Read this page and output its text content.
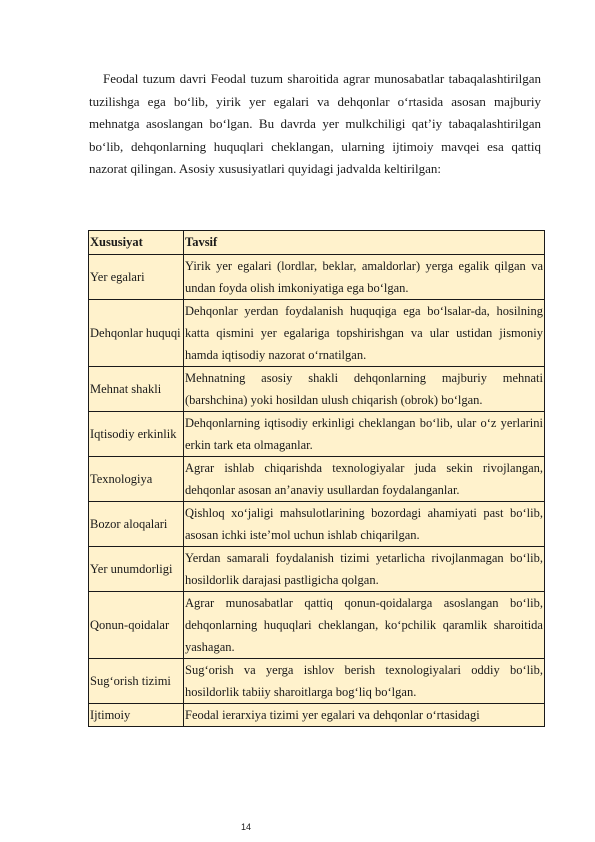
Feodal tuzum davri Feodal tuzum sharoitida agrar munosabatlar tabaqalashtirilgan tuzilishga ega bo‘lib, yirik yer egalari va dehqonlar o‘rtasida asosan majburiy mehnatga asoslangan bo‘lgan. Bu davrda yer mulkchiligi qat’iy tabaqalashtirilgan bo‘lib, dehqonlarning huquqlari cheklangan, ularning ijtimoiy mavqei esa qattiq nazorat qilingan. Asosiy xususiyatlari quyidagi jadvalda keltirilgan:

Xususiyat	Tavsif
Yer egalari	Yirik yer egalari (lordlar, beklar, amaldorlar) yerga egalik qilgan va undan foyda olish imkoniyatiga ega bo‘lgan.
Dehqonlar huquqi	Dehqonlar yerdan foydalanish huquqiga ega bo‘lsalar-da, hosilning katta qismini yer egalariga topshirishgan va ular ustidan jismoniy hamda iqtisodiy nazorat o‘rnatilgan.
Mehnat shakli	Mehnatning asosiy shakli dehqonlarning majburiy mehnati (barshchina) yoki hosildan ulush chiqarish (obrok) bo‘lgan.
Iqtisodiy erkinlik	Dehqonlarning iqtisodiy erkinligi cheklangan bo‘lib, ular o‘z yerlarini erkin tark eta olmaganlar.
Texnologiya	Agrar ishlab chiqarishda texnologiyalar juda sekin rivojlangan, dehqonlar asosan an’anaviy usullardan foydalanganlar.
Bozor aloqalari	Qishloq xo‘jaligi mahsulotlarining bozordagi ahamiyati past bo‘lib, asosan ichki iste’mol uchun ishlab chiqarilgan.
Yer unumdorligi	Yerdan samarali foydalanish tizimi yetarlicha rivojlanmagan bo‘lib, hosildorlik darajasi pastligicha qolgan.
Qonun-qoidalar	Agrar munosabatlar qattiq qonun-qoidalarga asoslangan bo‘lib, dehqonlarning huquqlari cheklangan, ko‘pchilik qaramlik sharoitida yashagan.
Sug‘orish tizimi	Sug‘orish va yerga ishlov berish texnologiyalari oddiy bo‘lib, hosildorlik tabiiy sharoitlarga bog‘liq bo‘lgan.
Ijtimoiy	Feodal ierarxiya tizimi yer egalari va dehqonlar o‘rtasidagi
14
